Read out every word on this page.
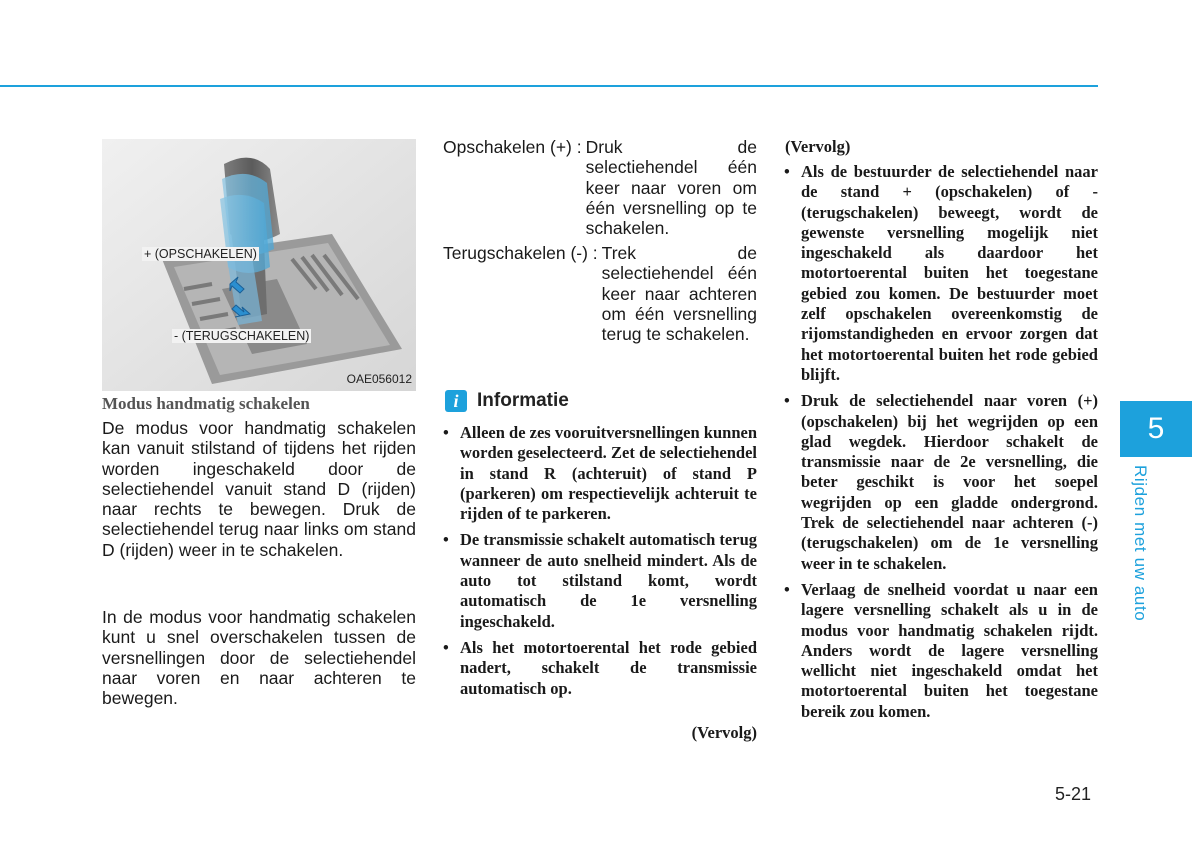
+ (OPSCHAKELEN)
- (TERUGSCHAKELEN)
OAE056012
Modus handmatig schakelen
De modus voor handmatig schakelen kan vanuit stilstand of tijdens het rijden worden ingeschakeld door de selectiehendel vanuit stand D (rijden) naar rechts te bewegen. Druk de selectiehendel terug naar links om stand D (rijden) weer in te schakelen.
In de modus voor handmatig schakelen kunt u snel overschakelen tussen de versnellingen door de selectiehendel naar voren en naar achteren te bewegen.
Opschakelen (+) : Druk de selectiehendel één keer naar voren om één versnelling op te schakelen.
Terugschakelen (-) : Trek de selectiehendel één keer naar achteren om één versnelling terug te schakelen.
i Informatie
• Alleen de zes vooruitversnellingen kunnen worden geselecteerd. Zet de selectiehendel in stand R (achteruit) of stand P (parkeren) om respectievelijk achteruit te rijden of te parkeren.
• De transmissie schakelt automatisch terug wanneer de auto snelheid mindert. Als de auto tot stilstand komt, wordt automatisch de 1e versnelling ingeschakeld.
• Als het motortoerental het rode gebied nadert, schakelt de transmissie automatisch op.
(Vervolg)
(Vervolg)
• Als de bestuurder de selectiehendel naar de stand + (opschakelen) of - (terugschakelen) beweegt, wordt de gewenste versnelling mogelijk niet ingeschakeld als daardoor het motortoerental buiten het toegestane gebied zou komen. De bestuurder moet zelf opschakelen overeenkomstig de rijomstandigheden en ervoor zorgen dat het motortoerental buiten het rode gebied blijft.
• Druk de selectiehendel naar voren (+) (opschakelen) bij het wegrijden op een glad wegdek. Hierdoor schakelt de transmissie naar de 2e versnelling, die beter geschikt is voor het soepel wegrijden op een gladde ondergrond. Trek de selectiehendel naar achteren (-) (terugschakelen) om de 1e versnelling weer in te schakelen.
• Verlaag de snelheid voordat u naar een lagere versnelling schakelt als u in de modus voor handmatig schakelen rijdt. Anders wordt de lagere versnelling wellicht niet ingeschakeld omdat het motortoerental buiten het toegestane bereik zou komen.
5
Rijden met uw auto
5-21
